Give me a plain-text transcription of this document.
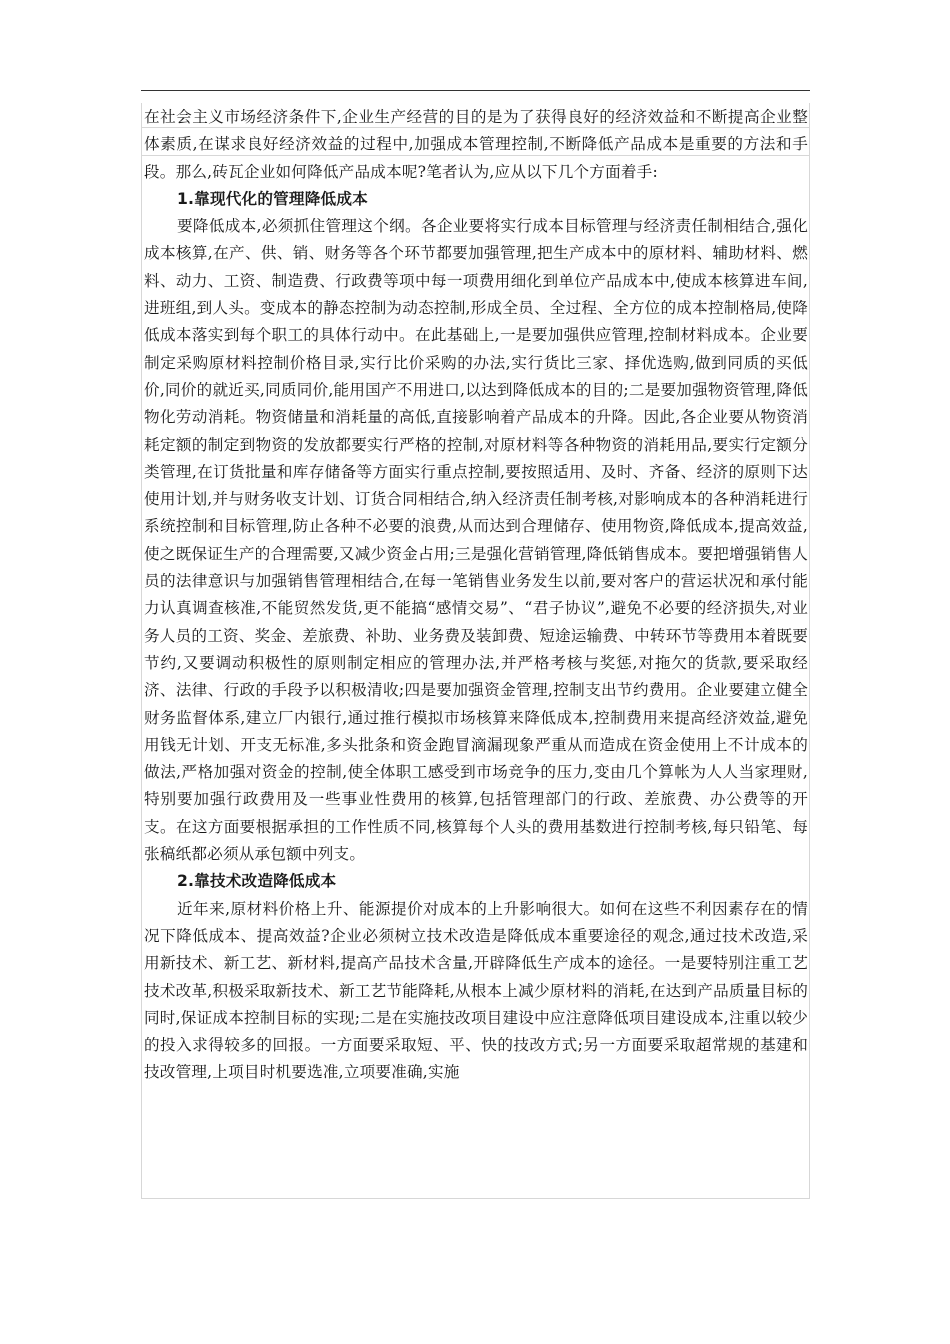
在社会主义市场经济条件下,企业生产经营的目的是为了获得良好的经济效益和不断提高企业整体素质,在谋求良好经济效益的过程中,加强成本管理控制,不断降低产品成本是重要的方法和手段。那么,砖瓦企业如何降低产品成本呢?笔者认为,应从以下几个方面着手:

1.靠现代化的管理降低成本

要降低成本,必须抓住管理这个纲。各企业要将实行成本目标管理与经济责任制相结合,强化成本核算,在产、供、销、财务等各个环节都要加强管理,把生产成本中的原材料、辅助材料、燃料、动力、工资、制造费、行政费等项中每一项费用细化到单位产品成本中,使成本核算进车间,进班组,到人头。变成本的静态控制为动态控制,形成全员、全过程、全方位的成本控制格局,使降低成本落实到每个职工的具体行动中。在此基础上,一是要加强供应管理,控制材料成本。企业要制定采购原材料控制价格目录,实行比价采购的办法,实行货比三家、择优选购,做到同质的买低价,同价的就近买,同质同价,能用国产不用进口,以达到降低成本的目的;二是要加强物资管理,降低物化劳动消耗。物资储量和消耗量的高低,直接影响着产品成本的升降。因此,各企业要从物资消耗定额的制定到物资的发放都要实行严格的控制,对原材料等各种物资的消耗用品,要实行定额分类管理,在订货批量和库存储备等方面实行重点控制,要按照适用、及时、齐备、经济的原则下达使用计划,并与财务收支计划、订货合同相结合,纳入经济责任制考核,对影响成本的各种消耗进行系统控制和目标管理,防止各种不必要的浪费,从而达到合理储存、使用物资,降低成本,提高效益,使之既保证生产的合理需要,又减少资金占用;三是强化营销管理,降低销售成本。要把增强销售人员的法律意识与加强销售管理相结合,在每一笔销售业务发生以前,要对客户的营运状况和承付能力认真调查核准,不能贸然发货,更不能搞“感情交易”、“君子协议”,避免不必要的经济损失,对业务人员的工资、奖金、差旅费、补助、业务费及装卸费、短途运输费、中转环节等费用本着既要节约,又要调动积极性的原则制定相应的管理办法,并严格考核与奖惩,对拖欠的货款,要采取经济、法律、行政的手段予以积极清收;四是要加强资金管理,控制支出节约费用。企业要建立健全财务监督体系,建立厂内银行,通过推行模拟市场核算来降低成本,控制费用来提高经济效益,避免用钱无计划、开支无标准,多头批条和资金跑冒滴漏现象严重从而造成在资金使用上不计成本的做法,严格加强对资金的控制,使全体职工感受到市场竞争的压力,变由几个算帐为人人当家理财,特别要加强行政费用及一些事业性费用的核算,包括管理部门的行政、差旅费、办公费等的开支。在这方面要根据承担的工作性质不同,核算每个人头的费用基数进行控制考核,每只铅笔、每张稿纸都必须从承包额中列支。

2.靠技术改造降低成本

近年来,原材料价格上升、能源提价对成本的上升影响很大。如何在这些不利因素存在的情况下降低成本、提高效益?企业必须树立技术改造是降低成本重要途径的观念,通过技术改造,采用新技术、新工艺、新材料,提高产品技术含量,开辟降低生产成本的途径。一是要特别注重工艺技术改革,积极采取新技术、新工艺节能降耗,从根本上减少原材料的消耗,在达到产品质量目标的同时,保证成本控制目标的实现;二是在实施技改项目建设中应注意降低项目建设成本,注重以较少的投入求得较多的回报。一方面要采取短、平、快的技改方式;另一方面要采取超常规的基建和技改管理,上项目时机要选准,立项要准确,实施
